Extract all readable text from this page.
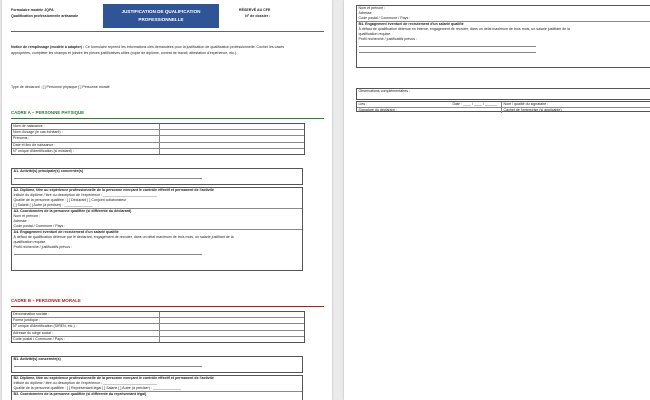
Formulaire modèle JQPA
Qualification professionnelle artisanale
JUSTIFICATION DE QUALIFICATION
PROFESSIONNELLE
RÉSERVÉ AU CFE
N° de dossier :
Notice de remplissage (modèle à adapter) : Ce formulaire reprend les informations clés demandées pour la justification de qualification professionnelle. Cocher les cases appropriées, compléter les champs et joindre les pièces justificatives utiles (copie de diplôme, contrat de travail, attestation d'expérience, etc.).
Type de déclarant : [ ] Personne physique [ ] Personne morale
CADRE A – PERSONNE PHYSIQUE
Nom de naissance :
Nom d'usage (le cas échéant) :
Prénoms :
Date et lieu de naissance :
N° unique d'identification (si existant) :
A1. Activité(s) principale(s) concernée(s)
A2. Diplôme, titre ou expérience professionnelle de la personne exerçant le contrôle effectif et permanent de l'activité
Intitulé du diplôme / titre ou description de l'expérience : ___________________________
Qualité de la personne qualifiée : [ ] Déclarant [ ] Conjoint collaborateur
[ ] Salarié [ ] Autre (à préciser) : ______________
A3. Coordonnées de la personne qualifiée (si différente du déclarant)
Nom et prénom :
Adresse :
Code postal / Commune / Pays :
A4. Engagement éventuel de recrutement d'un salarié qualifié
À défaut de qualification détenue par le déclarant, engagement de recruter, dans un délai maximum de trois mois, un salarié justifiant de la
qualification requise.
Profil recherché / justificatifs prévus :
CADRE B – PERSONNE MORALE
Dénomination sociale :
Forme juridique :
N° unique d'identification (SIREN, etc.) :
Adresse du siège social :
Code postal / Commune / Pays :
B1. Activité(s) concernée(s)
B2. Diplôme, titre ou expérience professionnelle de la personne exerçant le contrôle effectif et permanent de l'activité
Intitulé du diplôme / titre ou description de l'expérience : ___________________________
Qualité de la personne qualifiée : [ ] Représentant légal [ ] Salarié [ ] Autre (à préciser) : ______________
B3. Coordonnées de la personne qualifiée (si différente du représentant légal)
Nom et prénom :
Adresse :
Code postal / Commune / Pays :
B4. Engagement éventuel de recrutement d'un salarié qualifié
À défaut de qualification détenue en interne, engagement de recruter, dans un délai maximum de trois mois, un salarié justifiant de la
qualification requise.
Profil recherché / justificatifs prévus :
Observations complémentaires :
Lieu :	Date : ____ / ____ / ______	Nom / qualité du signataire :
Signature du déclarant :	Cachet de l'entreprise (si applicable)
